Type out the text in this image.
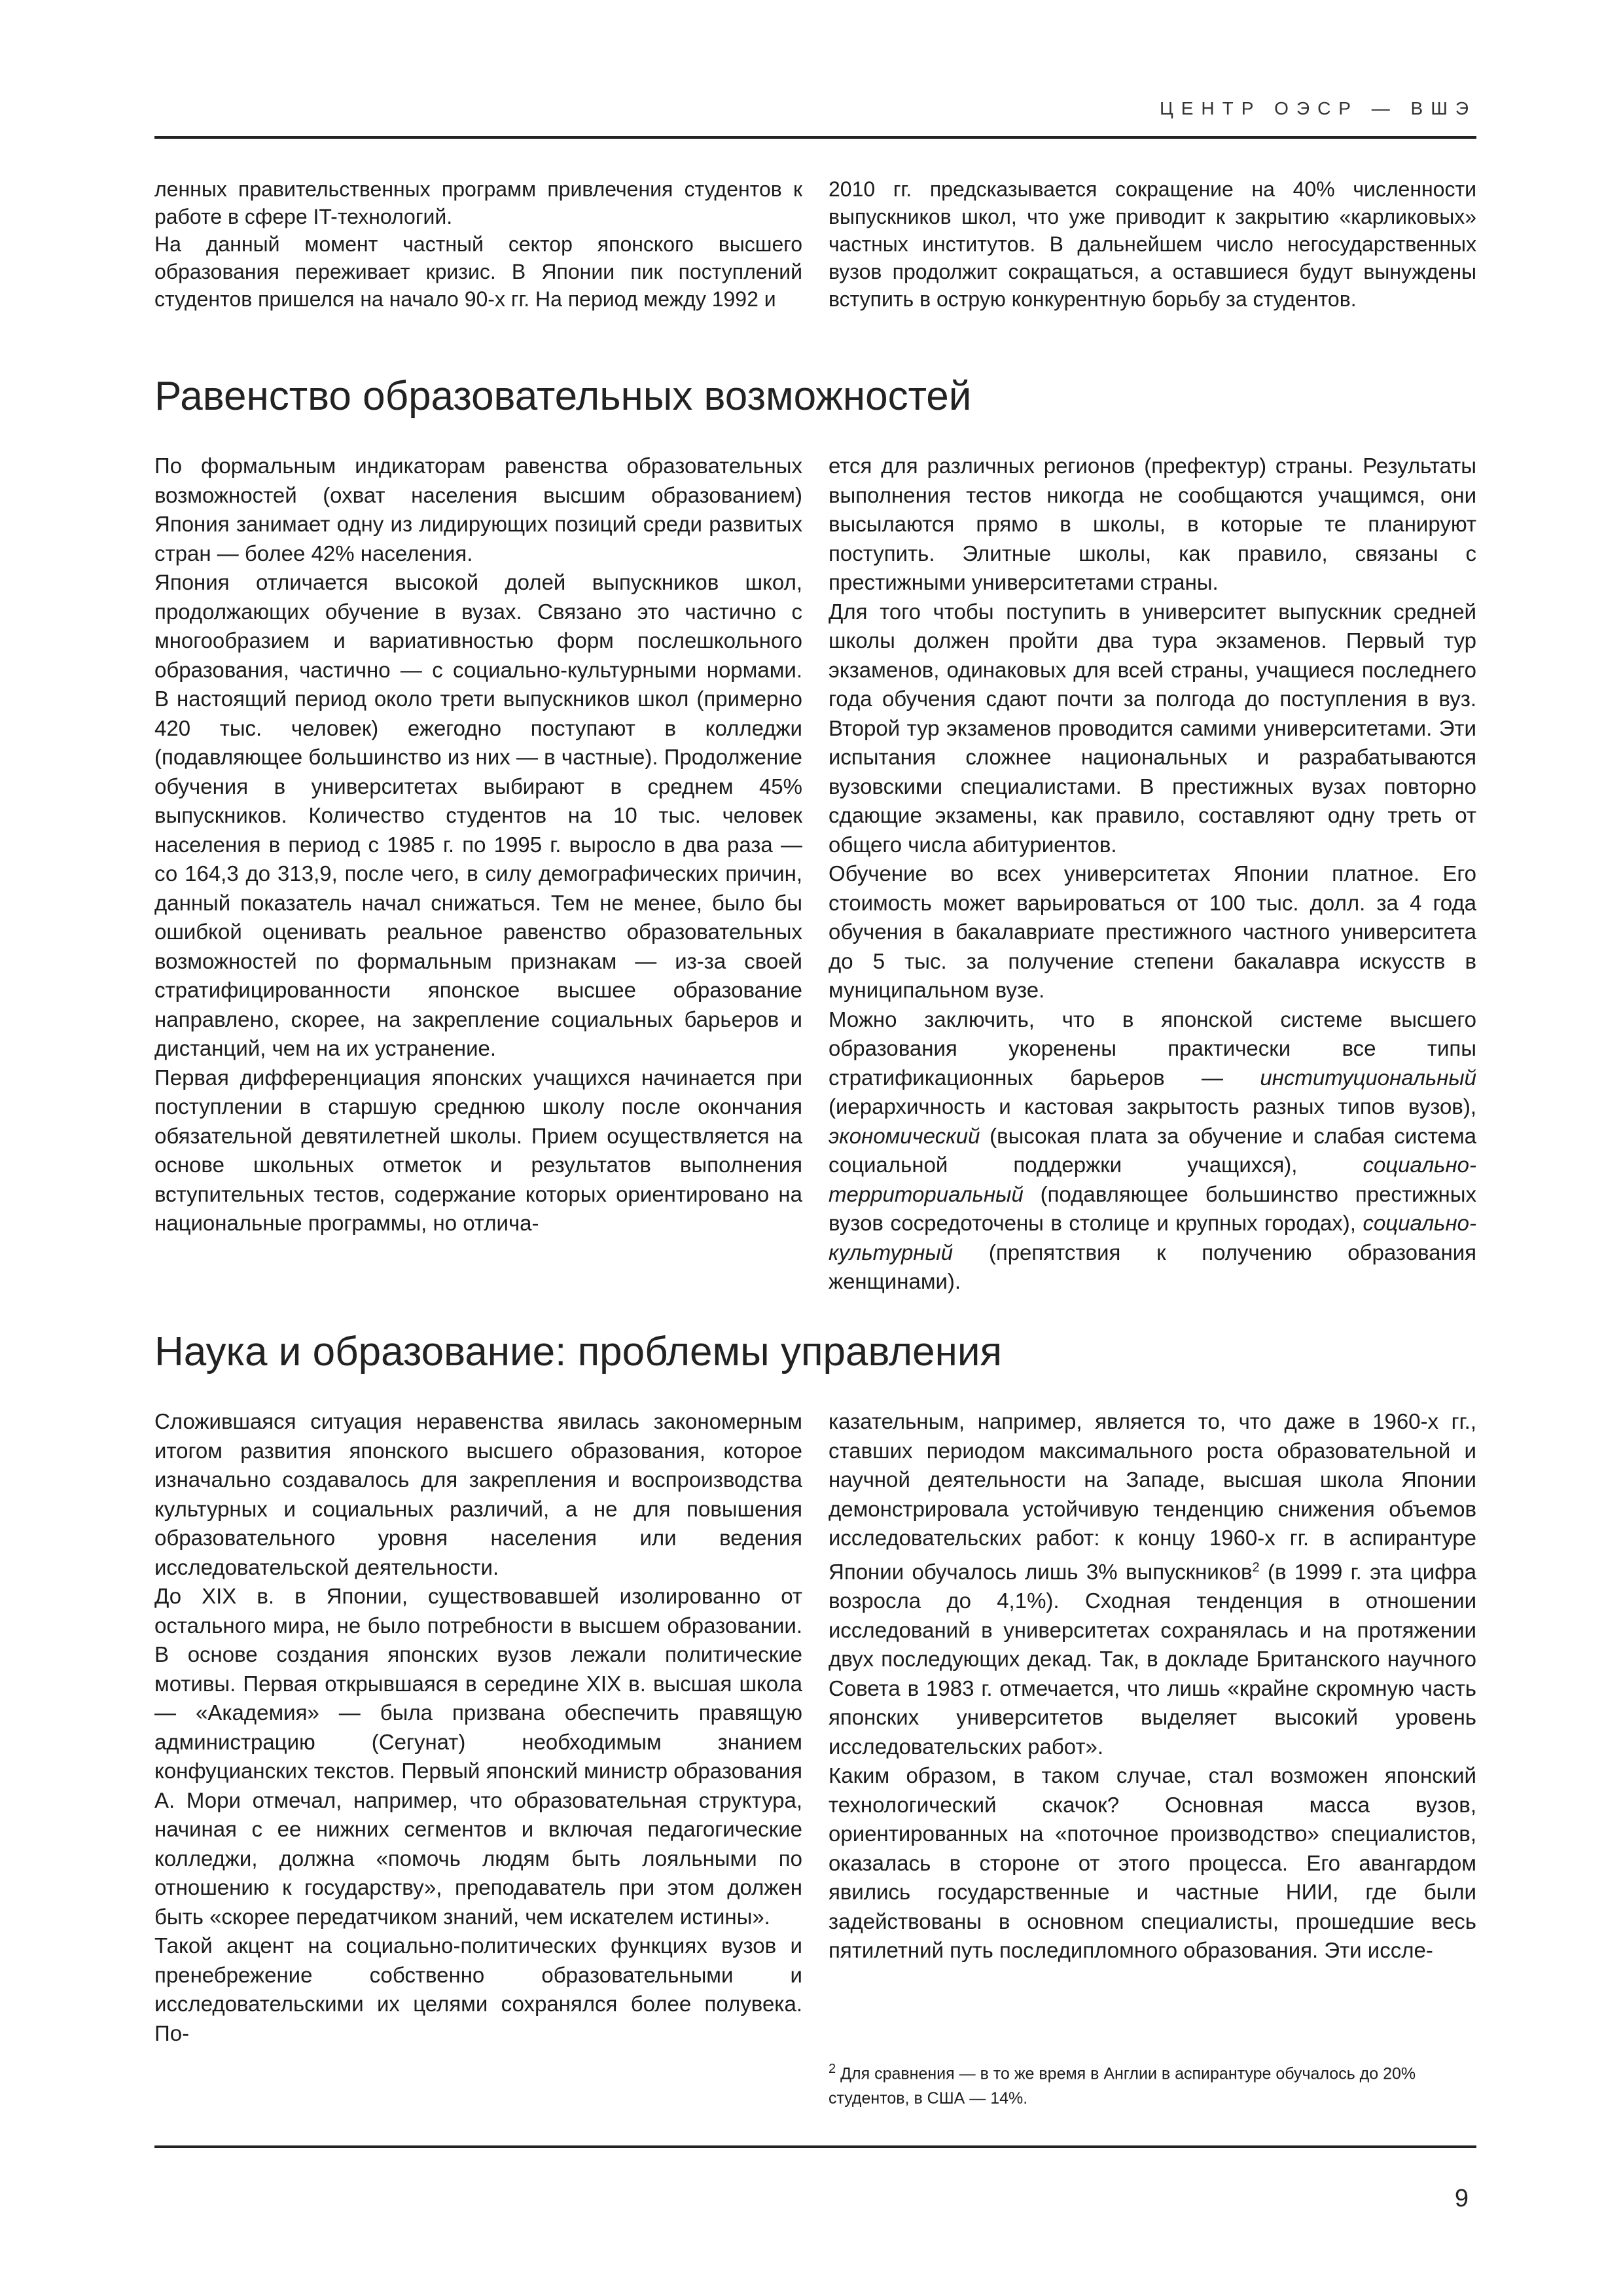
ЦЕНТР ОЭСР — ВШЭ

ленных правительственных программ привлечения студентов к работе в сфере IT-технологий.

На данный момент частный сектор японского высшего образования переживает кризис. В Японии пик поступлений студентов пришелся на начало 90-х гг. На период между 1992 и

2010 гг. предсказывается сокращение на 40% численности выпускников школ, что уже приводит к закрытию «карликовых» частных институтов. В дальнейшем число негосударственных вузов продолжит сокращаться, а оставшиеся будут вынуждены вступить в острую конкурентную борьбу за студентов.

Равенство образовательных возможностей

По формальным индикаторам равенства образовательных возможностей (охват населения высшим образованием) Япония занимает одну из лидирующих позиций среди развитых стран — более 42% населения.

Япония отличается высокой долей выпускников школ, продолжающих обучение в вузах. Связано это частично с многообразием и вариативностью форм послешкольного образования, частично — с социально-культурными нормами. В настоящий период около трети выпускников школ (примерно 420 тыс. человек) ежегодно поступают в колледжи (подавляющее большинство из них — в частные). Продолжение обучения в университетах выбирают в среднем 45% выпускников. Количество студентов на 10 тыс. человек населения в период с 1985 г. по 1995 г. выросло в два раза — со 164,3 до 313,9, после чего, в силу демографических причин, данный показатель начал снижаться. Тем не менее, было бы ошибкой оценивать реальное равенство образовательных возможностей по формальным признакам — из-за своей стратифицированности японское высшее образование направлено, скорее, на закрепление социальных барьеров и дистанций, чем на их устранение.

Первая дифференциация японских учащихся начинается при поступлении в старшую среднюю школу после окончания обязательной девятилетней школы. Прием осуществляется на основе школьных отметок и результатов выполнения вступительных тестов, содержание которых ориентировано на национальные программы, но отлича-

ется для различных регионов (префектур) страны. Результаты выполнения тестов никогда не сообщаются учащимся, они высылаются прямо в школы, в которые те планируют поступить. Элитные школы, как правило, связаны с престижными университетами страны.

Для того чтобы поступить в университет выпускник средней школы должен пройти два тура экзаменов. Первый тур экзаменов, одинаковых для всей страны, учащиеся последнего года обучения сдают почти за полгода до поступления в вуз. Второй тур экзаменов проводится самими университетами. Эти испытания сложнее национальных и разрабатываются вузовскими специалистами. В престижных вузах повторно сдающие экзамены, как правило, составляют одну треть от общего числа абитуриентов.

Обучение во всех университетах Японии платное. Его стоимость может варьироваться от 100 тыс. долл. за 4 года обучения в бакалавриате престижного частного университета до 5 тыс. за получение степени бакалавра искусств в муниципальном вузе.

Можно заключить, что в японской системе высшего образования укоренены практически все типы стратификационных барьеров — институциональный (иерархичность и кастовая закрытость разных типов вузов), экономический (высокая плата за обучение и слабая система социальной поддержки учащихся), социально-территориальный (подавляющее большинство престижных вузов сосредоточены в столице и крупных городах), социально-культурный (препятствия к получению образования женщинами).

Наука и образование: проблемы управления

Сложившаяся ситуация неравенства явилась закономерным итогом развития японского высшего образования, которое изначально создавалось для закрепления и воспроизводства культурных и социальных различий, а не для повышения образовательного уровня населения или ведения исследовательской деятельности.

До XIX в. в Японии, существовавшей изолированно от остального мира, не было потребности в высшем образовании. В основе создания японских вузов лежали политические мотивы. Первая открывшаяся в середине XIX в. высшая школа — «Академия» — была призвана обеспечить правящую администрацию (Сегунат) необходимым знанием конфуцианских текстов. Первый японский министр образования А. Мори отмечал, например, что образовательная структура, начиная с ее нижних сегментов и включая педагогические колледжи, должна «помочь людям быть лояльными по отношению к государству», преподаватель при этом должен быть «скорее передатчиком знаний, чем искателем истины».

Такой акцент на социально-политических функциях вузов и пренебрежение собственно образовательными и исследовательскими их целями сохранялся более полувека. По-

казательным, например, является то, что даже в 1960-х гг., ставших периодом максимального роста образовательной и научной деятельности на Западе, высшая школа Японии демонстрировала устойчивую тенденцию снижения объемов исследовательских работ: к концу 1960-х гг. в аспирантуре Японии обучалось лишь 3% выпускников$^2$ (в 1999 г. эта цифра возросла до 4,1%). Сходная тенденция в отношении исследований в университетах сохранялась и на протяжении двух последующих декад. Так, в докладе Британского научного Совета в 1983 г. отмечается, что лишь «крайне скромную часть японских университетов выделяет высокий уровень исследовательских работ».

Каким образом, в таком случае, стал возможен японский технологический скачок? Основная масса вузов, ориентированных на «поточное производство» специалистов, оказалась в стороне от этого процесса. Его авангардом явились государственные и частные НИИ, где были задействованы в основном специалисты, прошедшие весь пятилетний путь последипломного образования. Эти иссле-

$^2$ Для сравнения — в то же время в Англии в аспирантуре обучалось до 20% студентов, в США — 14%.
9
